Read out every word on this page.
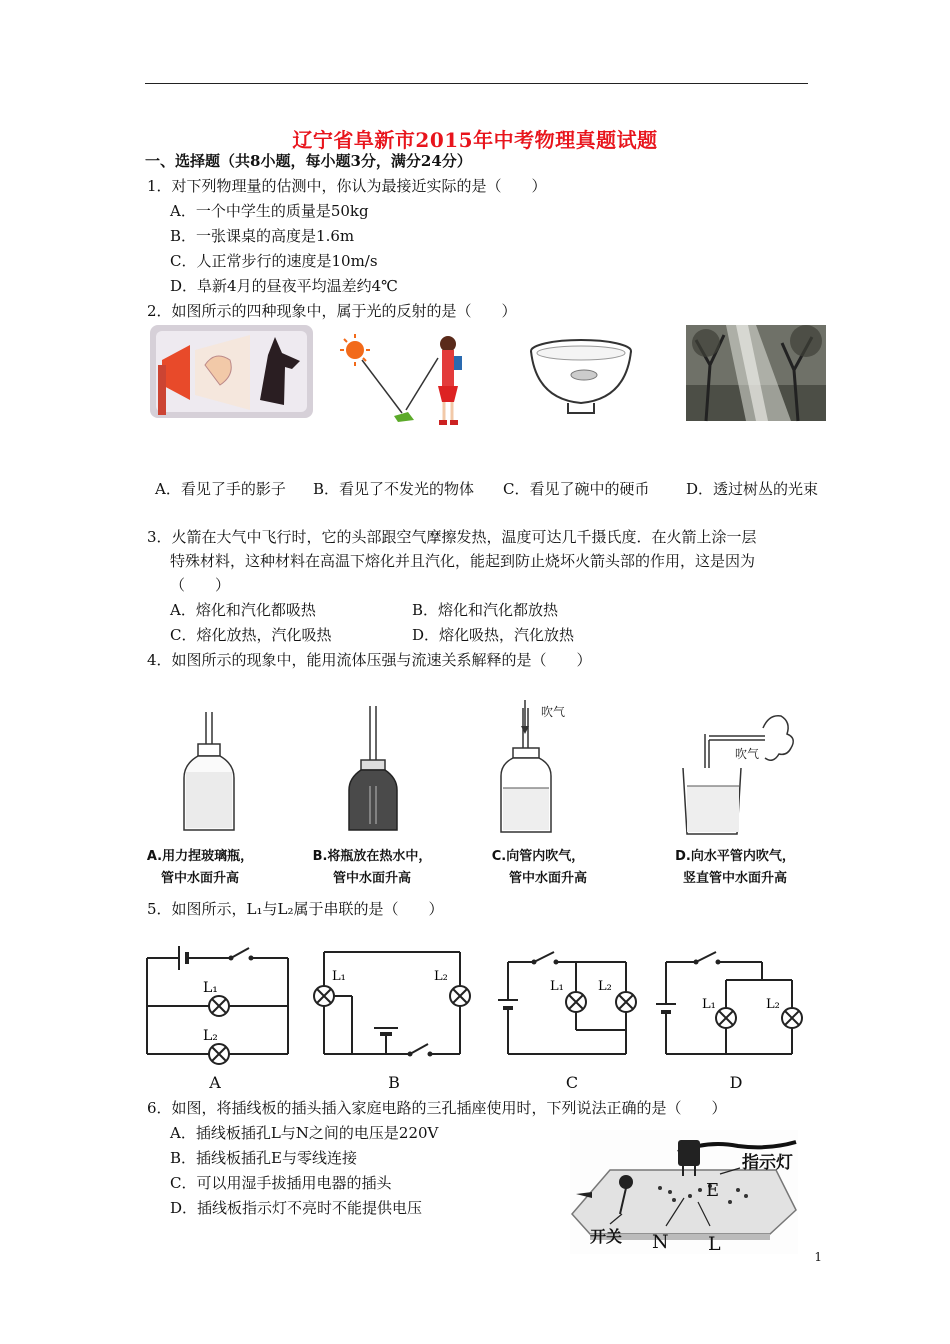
辽宁省阜新市2015年中考物理真题试题
一、选择题（共8小题，每小题3分，满分24分）
1．对下列物理量的估测中，你认为最接近实际的是（　　）
A．一个中学生的质量是50kg
B．一张课桌的高度是1.6m
C．人正常步行的速度是10m/s
D．阜新4月的昼夜平均温差约4℃
2．如图所示的四种现象中，属于光的反射的是（　　）
A．看见了手的影子 B．看见了不发光的物体 C．看见了碗中的硬币 D．透过树丛的光束
3．火箭在大气中飞行时，它的头部跟空气摩擦发热，温度可达几千摄氏度．在火箭上涂一层
特殊材料，这种材料在高温下熔化并且汽化，能起到防止烧坏火箭头部的作用，这是因为
（　　）
A．熔化和汽化都吸热	B．熔化和汽化都放热
C．熔化放热，汽化吸热	D．熔化吸热，汽化放热
4．如图所示的现象中，能用流体压强与流速关系解释的是（　　）
吹气
吹气
A.用力捏玻璃瓶，
管中水面升高
B.将瓶放在热水中，
管中水面升高
C.向管内吹气，
管中水面升高
D.向水平管内吹气，
竖直管中水面升高
5．如图所示，L₁与L₂属于串联的是（　　）
L₁
L₂
A
L₁	L₂
B
L₁	L₂
C
L₁	L₂
D
6．如图，将插线板的插头插入家庭电路的三孔插座使用时，下列说法正确的是（　　）
A．插线板插孔L与N之间的电压是220V
B．插线板插孔E与零线连接
C．可以用湿手拔插用电器的插头
D．插线板指示灯不亮时不能提供电压
指示灯
E
开关 N L
1
